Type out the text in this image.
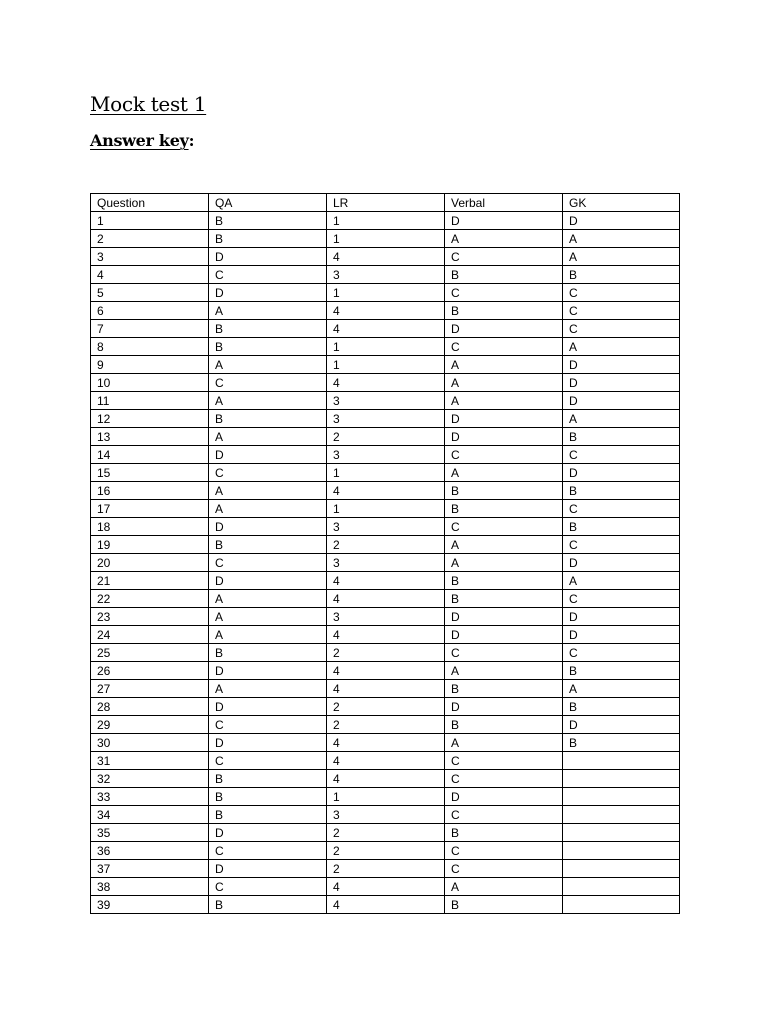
Mock test 1
Answer key:
Question	QA	LR	Verbal	GK
1	B	1	D	D
2	B	1	A	A
3	D	4	C	A
4	C	3	B	B
5	D	1	C	C
6	A	4	B	C
7	B	4	D	C
8	B	1	C	A
9	A	1	A	D
10	C	4	A	D
11	A	3	A	D
12	B	3	D	A
13	A	2	D	B
14	D	3	C	C
15	C	1	A	D
16	A	4	B	B
17	A	1	B	C
18	D	3	C	B
19	B	2	A	C
20	C	3	A	D
21	D	4	B	A
22	A	4	B	C
23	A	3	D	D
24	A	4	D	D
25	B	2	C	C
26	D	4	A	B
27	A	4	B	A
28	D	2	D	B
29	C	2	B	D
30	D	4	A	B
31	C	4	C	
32	B	4	C	
33	B	1	D	
34	B	3	C	
35	D	2	B	
36	C	2	C	
37	D	2	C	
38	C	4	A	
39	B	4	B	
